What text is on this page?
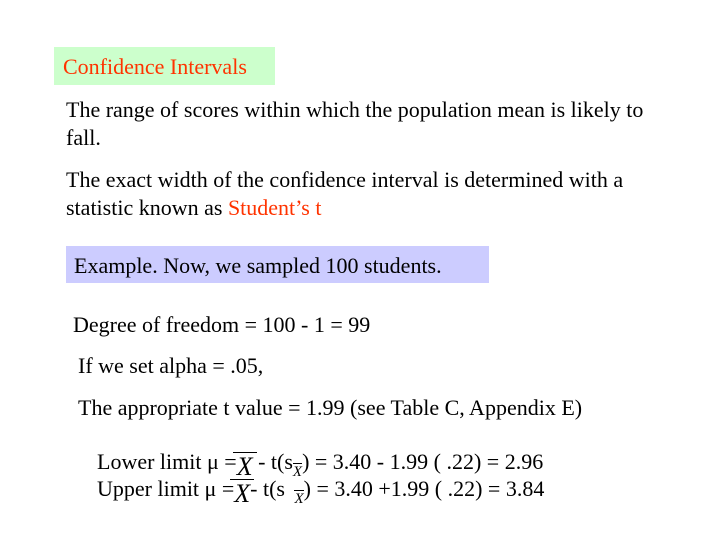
Confidence Intervals
The range of scores within which the population mean is likely to fall.
The exact width of the confidence interval is determined with a statistic known as Student’s t
Example. Now, we sampled 100 students.
Degree of freedom = 100 - 1 = 99
If we set alpha = .05,
The appropriate t value = 1.99 (see Table C, Appendix E)
Lower limit μ =X - t(sX) = 3.40 - 1.99 ( .22) = 2.96
Upper limit μ =X- t(s X) = 3.40 +1.99 ( .22) = 3.84
